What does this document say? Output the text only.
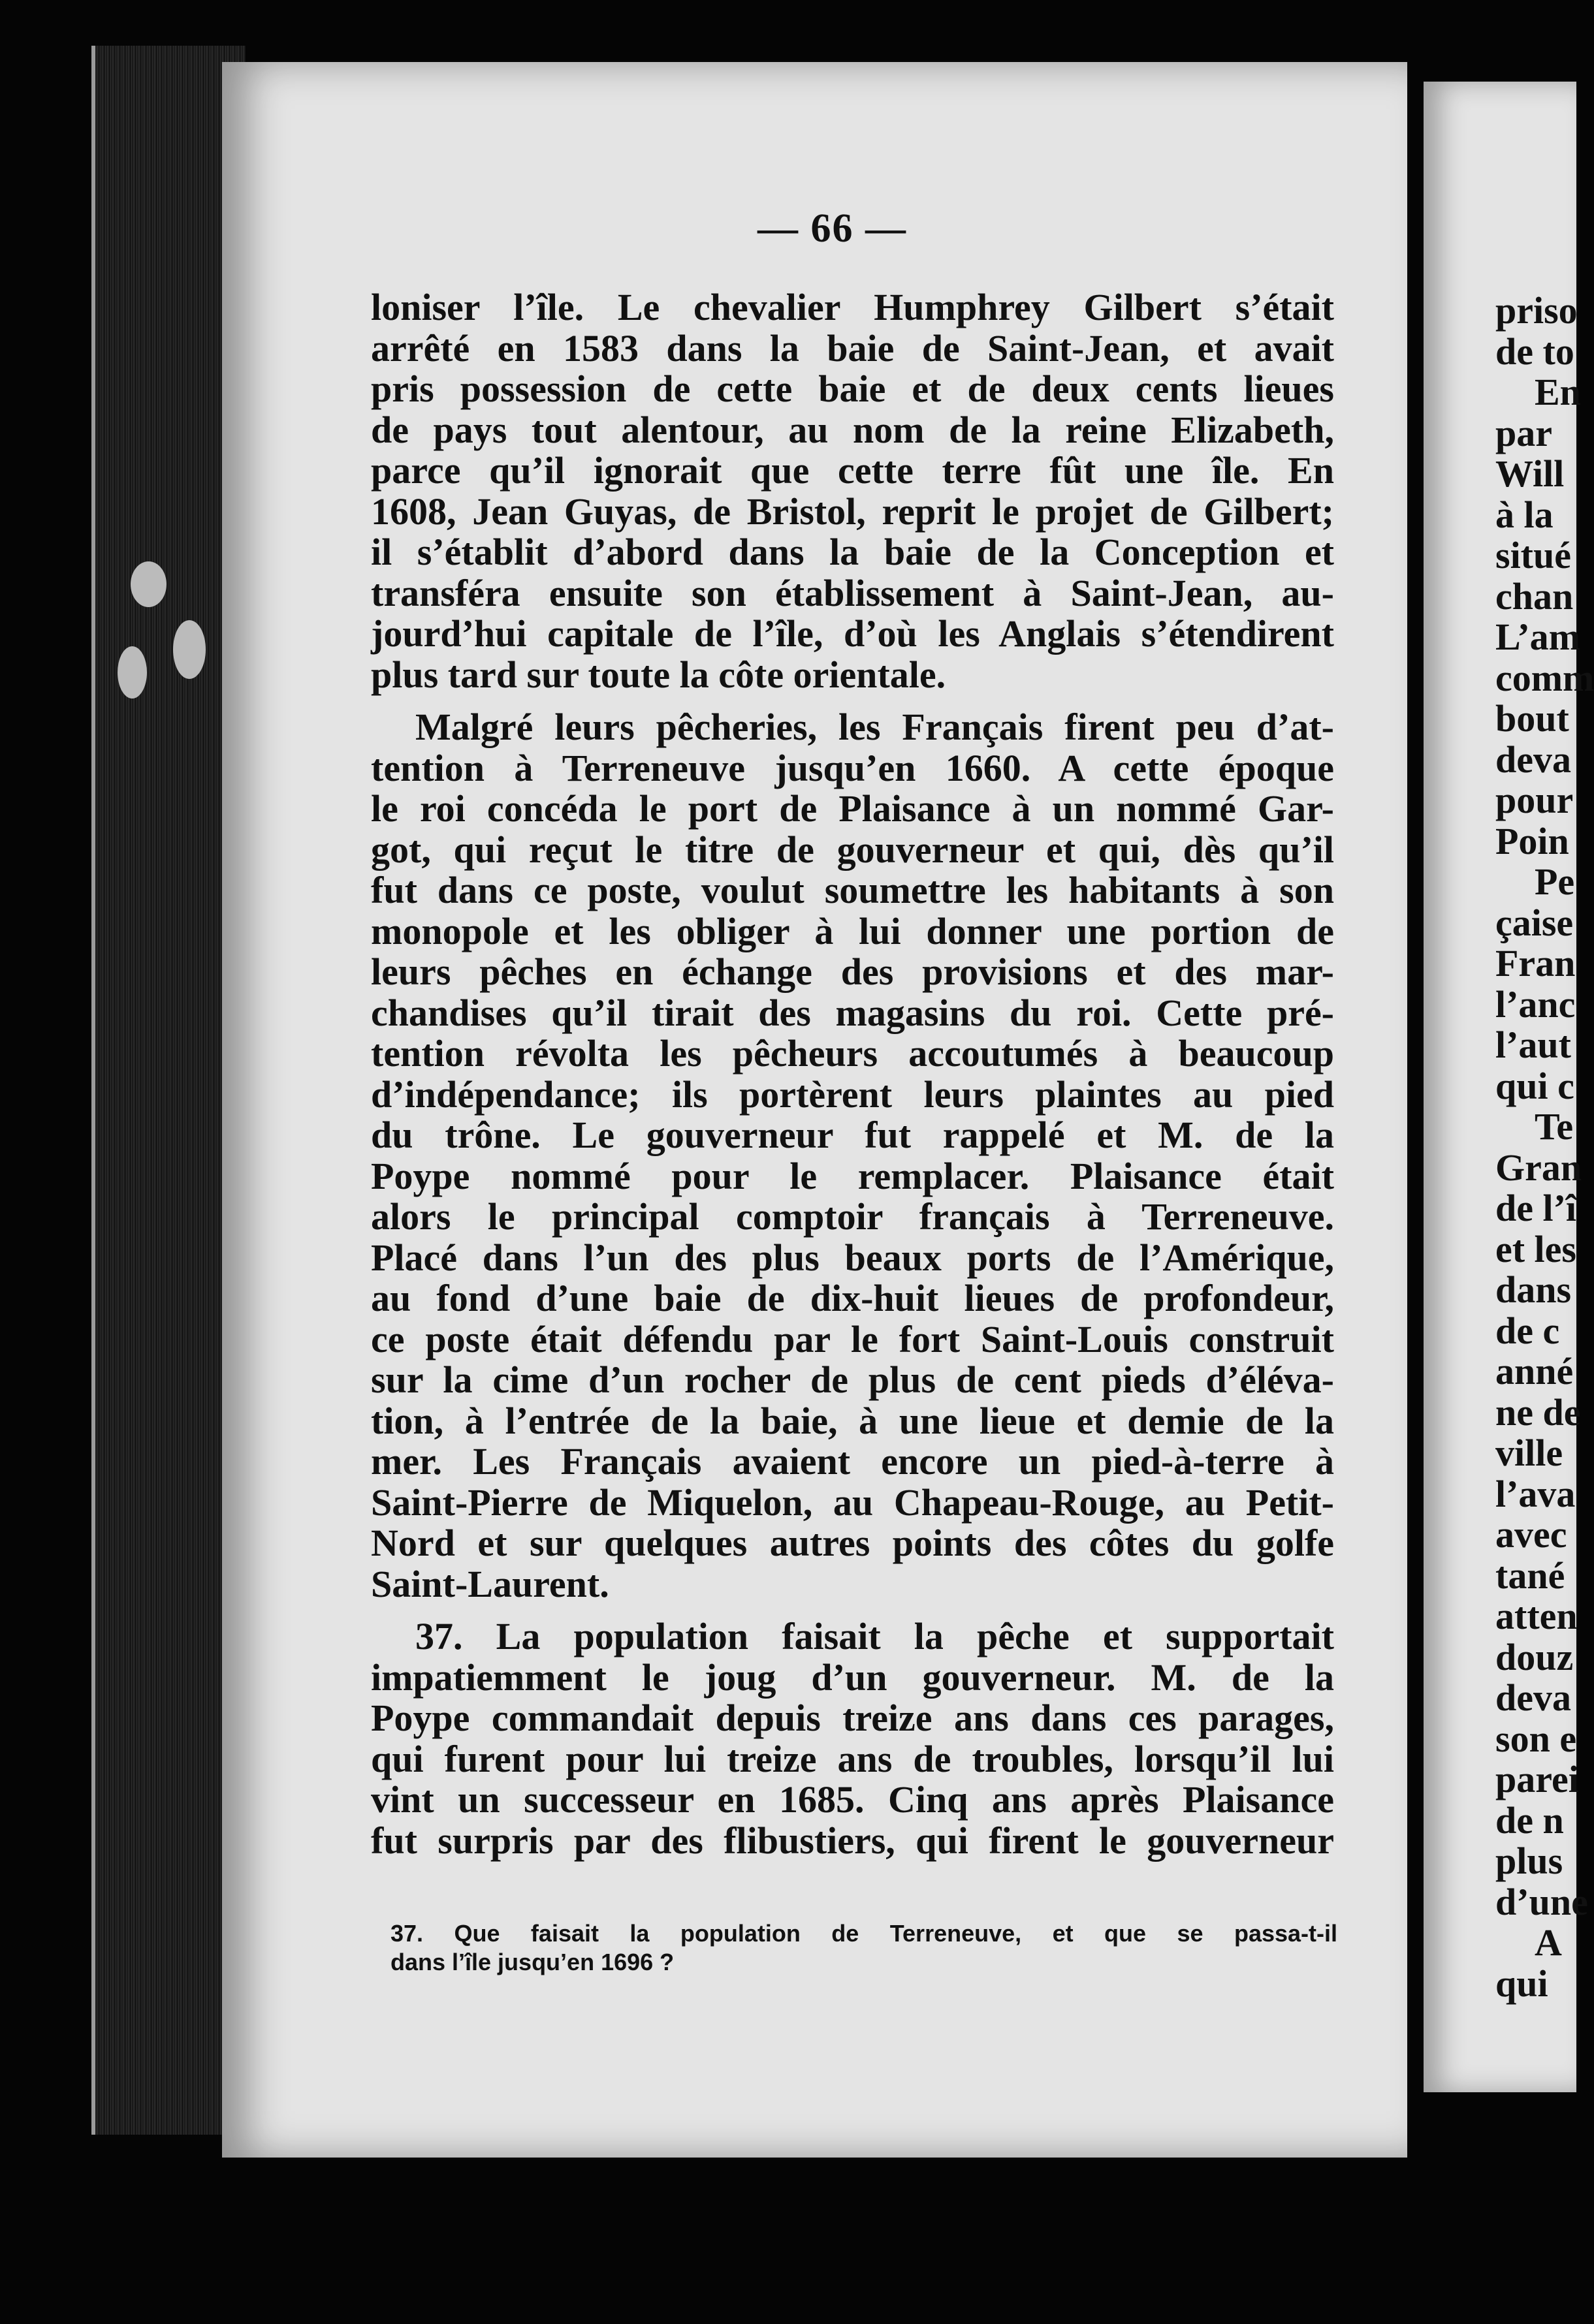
— 66 —

loniser l’île. Le chevalier Humphrey Gilbert s’était
arrêté en 1583 dans la baie de Saint-Jean, et avait
pris possession de cette baie et de deux cents lieues
de pays tout alentour, au nom de la reine Elizabeth,
parce qu’il ignorait que cette terre fût une île. En
1608, Jean Guyas, de Bristol, reprit le projet de Gilbert;
il s’établit d’abord dans la baie de la Conception et
transféra ensuite son établissement à Saint-Jean, au-
jourd’hui capitale de l’île, d’où les Anglais s’étendirent
plus tard sur toute la côte orientale.

Malgré leurs pêcheries, les Français firent peu d’at-
tention à Terreneuve jusqu’en 1660. A cette époque
le roi concéda le port de Plaisance à un nommé Gar-
got, qui reçut le titre de gouverneur et qui, dès qu’il
fut dans ce poste, voulut soumettre les habitants à son
monopole et les obliger à lui donner une portion de
leurs pêches en échange des provisions et des mar-
chandises qu’il tirait des magasins du roi. Cette pré-
tention révolta les pêcheurs accoutumés à beaucoup
d’indépendance; ils portèrent leurs plaintes au pied
du trône. Le gouverneur fut rappelé et M. de la
Poype nommé pour le remplacer. Plaisance était
alors le principal comptoir français à Terreneuve.
Placé dans l’un des plus beaux ports de l’Amérique,
au fond d’une baie de dix-huit lieues de profondeur,
ce poste était défendu par le fort Saint-Louis construit
sur la cime d’un rocher de plus de cent pieds d’éléva-
tion, à l’entrée de la baie, à une lieue et demie de la
mer. Les Français avaient encore un pied-à-terre à
Saint-Pierre de Miquelon, au Chapeau-Rouge, au Petit-
Nord et sur quelques autres points des côtes du golfe
Saint-Laurent.

37. La population faisait la pêche et supportait
impatiemment le joug d’un gouverneur. M. de la
Poype commandait depuis treize ans dans ces parages,
qui furent pour lui treize ans de troubles, lorsqu’il lui
vint un successeur en 1685. Cinq ans après Plaisance
fut surpris par des flibustiers, qui firent le gouverneur

37. Que faisait la population de Terreneuve, et que se passa-t-il
dans l’île jusqu’en 1696 ?
priso
de to
En
par
Will
à la
situé
chan
L’am
comm
bout
deva
pour
Poin
Pe
çaise
Fran
l’anc
l’aut
qui c
Te
Gran
de l’î
et les
dans
de c
anné
ne de
ville
l’ava
avec
tané
atten
douz
deva
son e
parei
de n
plus
d’une
A
qui
